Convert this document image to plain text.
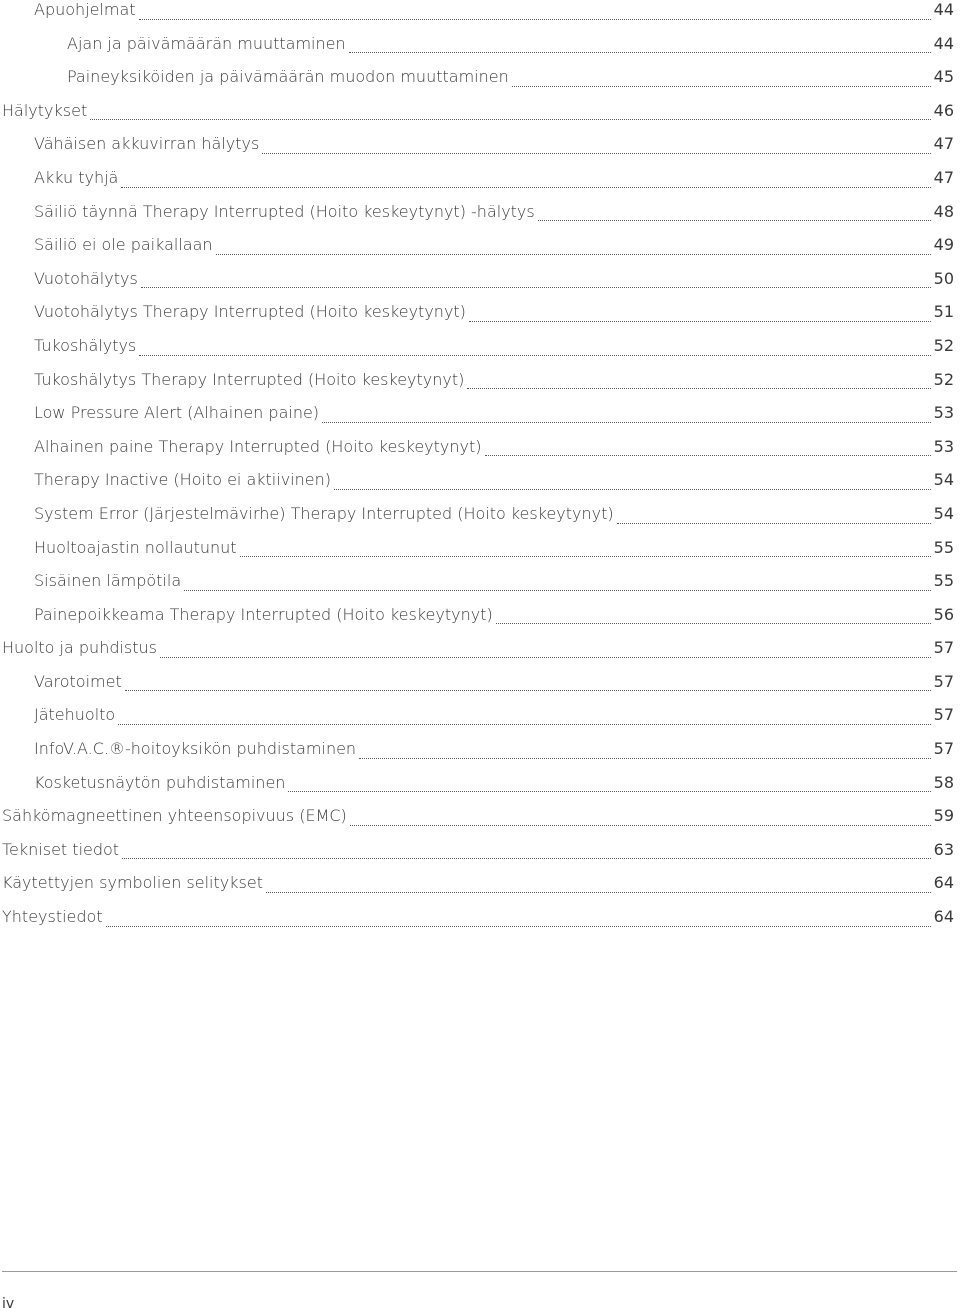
Apuohjelmat	44
Ajan ja päivämäärän muuttaminen	44
Paineyksiköiden ja päivämäärän muodon muuttaminen	45
Hälytykset	46
Vähäisen akkuvirran hälytys	47
Akku tyhjä	47
Säiliö täynnä Therapy Interrupted (Hoito keskeytynyt) -hälytys	48
Säiliö ei ole paikallaan	49
Vuotohälytys	50
Vuotohälytys Therapy Interrupted (Hoito keskeytynyt)	51
Tukoshälytys	52
Tukoshälytys Therapy Interrupted (Hoito keskeytynyt)	52
Low Pressure Alert (Alhainen paine)	53
Alhainen paine Therapy Interrupted (Hoito keskeytynyt)	53
Therapy Inactive (Hoito ei aktiivinen)	54
System Error (Järjestelmävirhe) Therapy Interrupted (Hoito keskeytynyt)	54
Huoltoajastin nollautunut	55
Sisäinen lämpötila	55
Painepoikkeama Therapy Interrupted (Hoito keskeytynyt)	56
Huolto ja puhdistus	57
Varotoimet	57
Jätehuolto	57
InfoV.A.C.®-hoitoyksikön puhdistaminen	57
Kosketusnäytön puhdistaminen	58
Sähkömagneettinen yhteensopivuus (EMC)	59
Tekniset tiedot	63
Käytettyjen symbolien selitykset	64
Yhteystiedot	64
iv
